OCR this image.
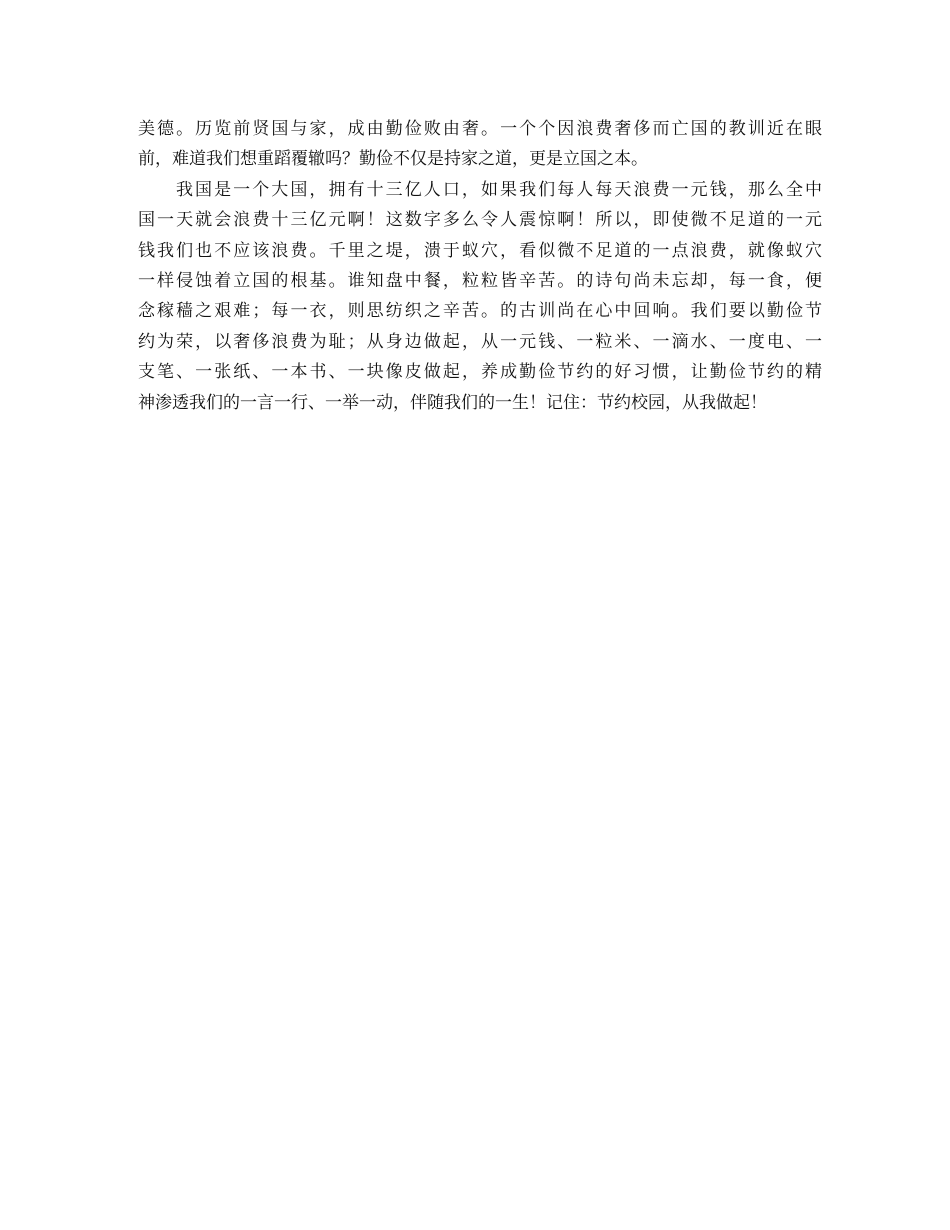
美德。历览前贤国与家，成由勤俭败由奢。一个个因浪费奢侈而亡国的教训近在眼
前，难道我们想重蹈覆辙吗？勤俭不仅是持家之道，更是立国之本。
我国是一个大国，拥有十三亿人口，如果我们每人每天浪费一元钱，那么全中
国一天就会浪费十三亿元啊！这数字多么令人震惊啊！所以，即使微不足道的一元
钱我们也不应该浪费。千里之堤，溃于蚁穴，看似微不足道的一点浪费，就像蚁穴
一样侵蚀着立国的根基。谁知盘中餐，粒粒皆辛苦。的诗句尚未忘却，每一食，便
念稼穑之艰难；每一衣，则思纺织之辛苦。的古训尚在心中回响。我们要以勤俭节
约为荣，以奢侈浪费为耻；从身边做起，从一元钱、一粒米、一滴水、一度电、一
支笔、一张纸、一本书、一块像皮做起，养成勤俭节约的好习惯，让勤俭节约的精
神渗透我们的一言一行、一举一动，伴随我们的一生！记住：节约校园，从我做起！
